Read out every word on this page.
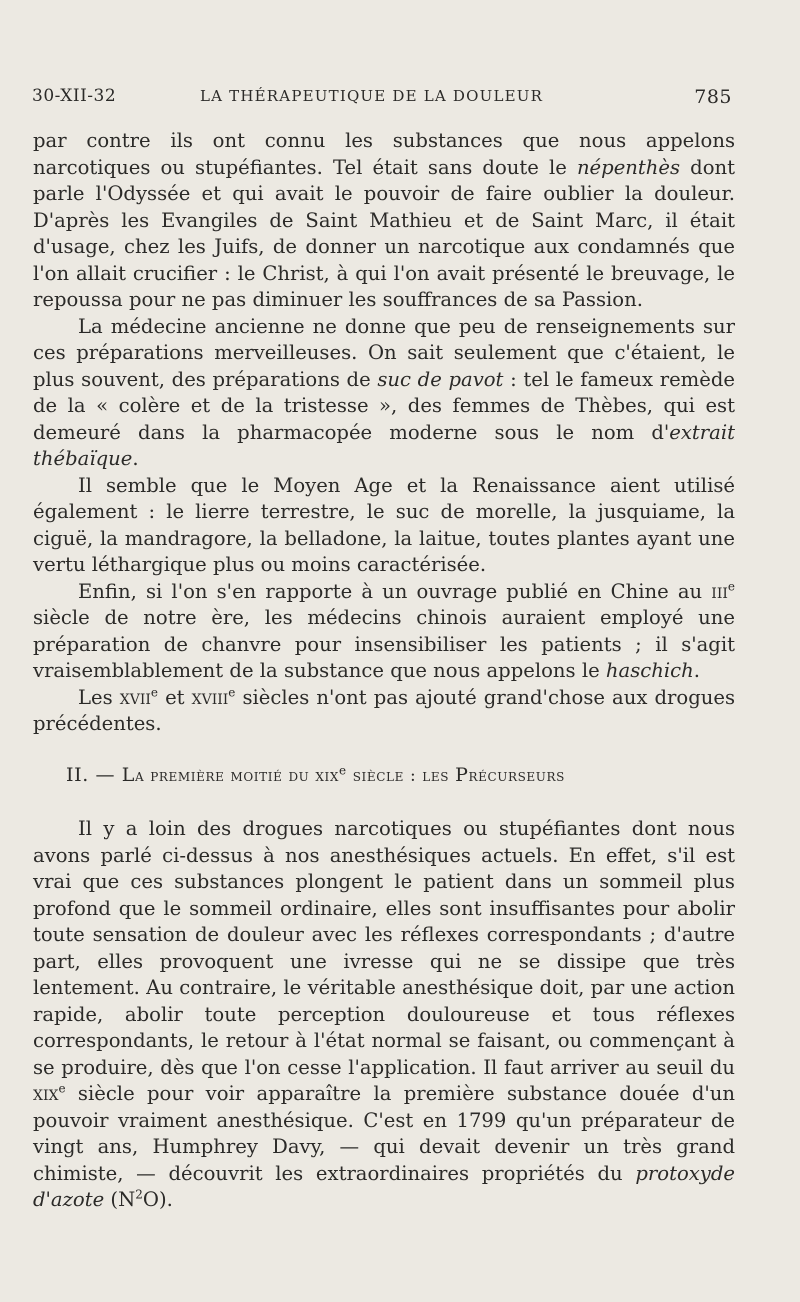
30-XII-32	LA THÉRAPEUTIQUE DE LA DOULEUR	785

par contre ils ont connu les substances que nous appelons narcotiques ou stupéfiantes. Tel était sans doute le népenthès dont parle l'Odyssée et qui avait le pouvoir de faire oublier la douleur. D'après les Evangiles de Saint Mathieu et de Saint Marc, il était d'usage, chez les Juifs, de donner un narcotique aux condamnés que l'on allait crucifier : le Christ, à qui l'on avait présenté le breuvage, le repoussa pour ne pas diminuer les souffrances de sa Passion.

La médecine ancienne ne donne que peu de renseignements sur ces préparations merveilleuses. On sait seulement que c'étaient, le plus souvent, des préparations de suc de pavot : tel le fameux remède de la « colère et de la tristesse », des femmes de Thèbes, qui est demeuré dans la pharmacopée moderne sous le nom d'extrait thébaïque.

Il semble que le Moyen Age et la Renaissance aient utilisé également : le lierre terrestre, le suc de morelle, la jusquiame, la ciguë, la mandragore, la belladone, la laitue, toutes plantes ayant une vertu léthargique plus ou moins caractérisée.

Enfin, si l'on s'en rapporte à un ouvrage publié en Chine au iii$^e$ siècle de notre ère, les médecins chinois auraient employé une préparation de chanvre pour insensibiliser les patients ; il s'agit vraisemblablement de la substance que nous appelons le haschich.

Les xvii$^e$ et xviii$^e$ siècles n'ont pas ajouté grand'chose aux drogues précédentes.

II. — La première moitié du xix$^e$ siècle : les Précurseurs

Il y a loin des drogues narcotiques ou stupéfiantes dont nous avons parlé ci-dessus à nos anesthésiques actuels. En effet, s'il est vrai que ces substances plongent le patient dans un sommeil plus profond que le sommeil ordinaire, elles sont insuffisantes pour abolir toute sensation de douleur avec les réflexes correspondants ; d'autre part, elles provoquent une ivresse qui ne se dissipe que très lentement. Au contraire, le véritable anesthésique doit, par une action rapide, abolir toute perception douloureuse et tous réflexes correspondants, le retour à l'état normal se faisant, ou commençant à se produire, dès que l'on cesse l'application. Il faut arriver au seuil du xix$^e$ siècle pour voir apparaître la première substance douée d'un pouvoir vraiment anesthésique. C'est en 1799 qu'un préparateur de vingt ans, Humphrey Davy, — qui devait devenir un très grand chimiste, — découvrit les extraordinaires propriétés du protoxyde d'azote $(N^2O)$.
